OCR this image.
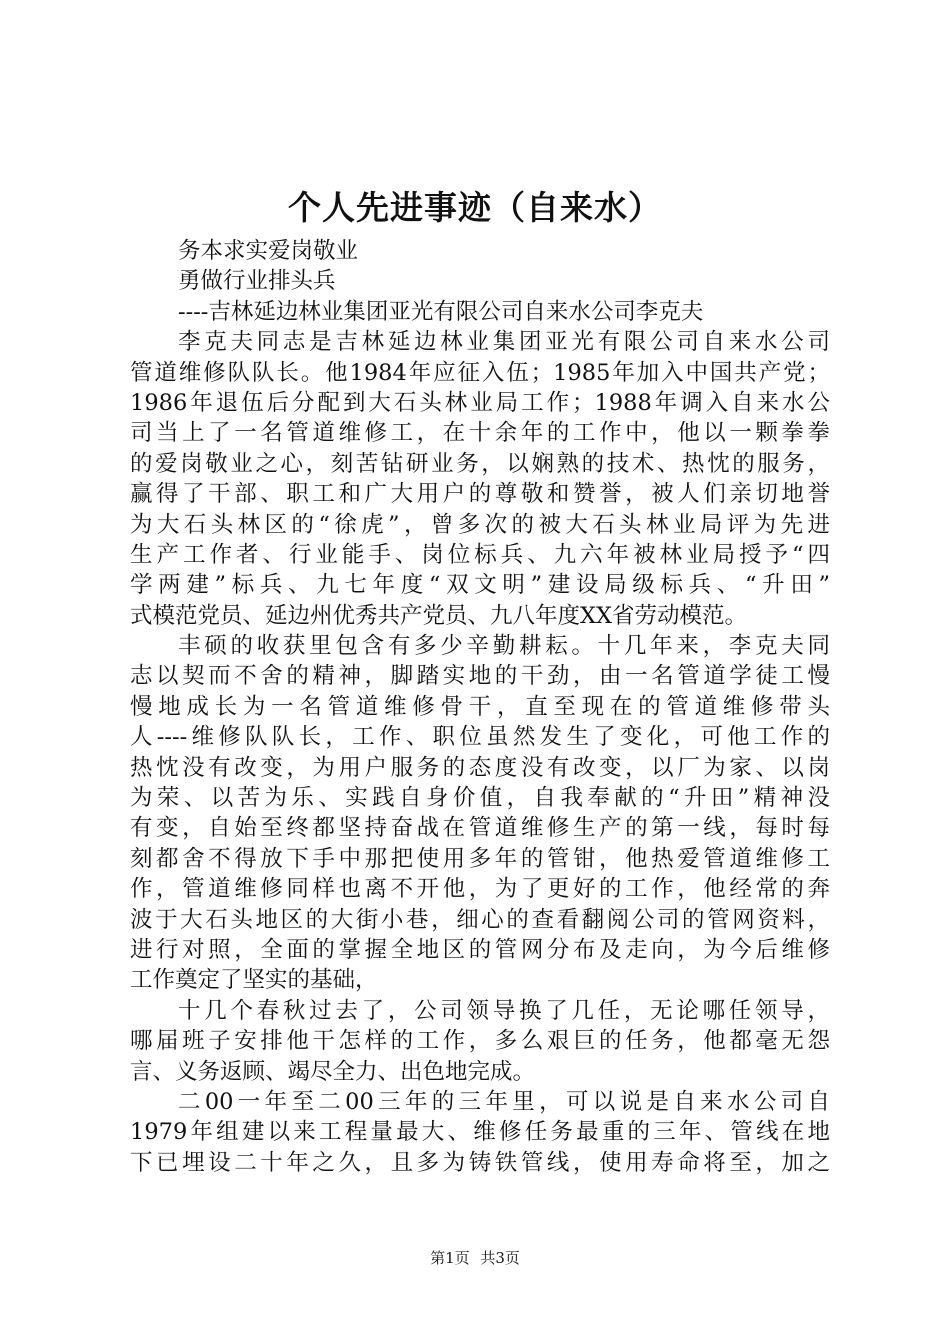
个人先进事迹（自来水）
务本求实爱岗敬业
勇做行业排头兵
----吉林延边林业集团亚光有限公司自来水公司李克夫
李克夫同志是吉林延边林业集团亚光有限公司自来水公司
管道维修队队长。他1984年应征入伍；1985年加入中国共产党；
1986年退伍后分配到大石头林业局工作；1988年调入自来水公
司当上了一名管道维修工，在十余年的工作中，他以一颗拳拳
的爱岗敬业之心，刻苦钻研业务，以娴熟的技术、热忱的服务，
赢得了干部、职工和广大用户的尊敬和赞誉，被人们亲切地誉
为大石头林区的“徐虎”，曾多次的被大石头林业局评为先进
生产工作者、行业能手、岗位标兵、九六年被林业局授予“四
学两建”标兵、九七年度“双文明”建设局级标兵、“升田”
式模范党员、延边州优秀共产党员、九八年度XX省劳动模范。
丰硕的收获里包含有多少辛勤耕耘。十几年来，李克夫同
志以契而不舍的精神，脚踏实地的干劲，由一名管道学徒工慢
慢地成长为一名管道维修骨干，直至现在的管道维修带头
人----维修队队长，工作、职位虽然发生了变化，可他工作的
热忱没有改变，为用户服务的态度没有改变，以厂为家、以岗
为荣、以苦为乐、实践自身价值，自我奉献的“升田”精神没
有变，自始至终都坚持奋战在管道维修生产的第一线，每时每
刻都舍不得放下手中那把使用多年的管钳，他热爱管道维修工
作，管道维修同样也离不开他，为了更好的工作，他经常的奔
波于大石头地区的大街小巷，细心的查看翻阅公司的管网资料，
进行对照，全面的掌握全地区的管网分布及走向，为今后维修
工作奠定了坚实的基础，
十几个春秋过去了，公司领导换了几任，无论哪任领导，
哪届班子安排他干怎样的工作，多么艰巨的任务，他都毫无怨
言、义务返顾、竭尽全力、出色地完成。
二00一年至二00三年的三年里，可以说是自来水公司自
1979年组建以来工程量最大、维修任务最重的三年、管线在地
下已埋设二十年之久，且多为铸铁管线，使用寿命将至，加之
第1页 共3页
